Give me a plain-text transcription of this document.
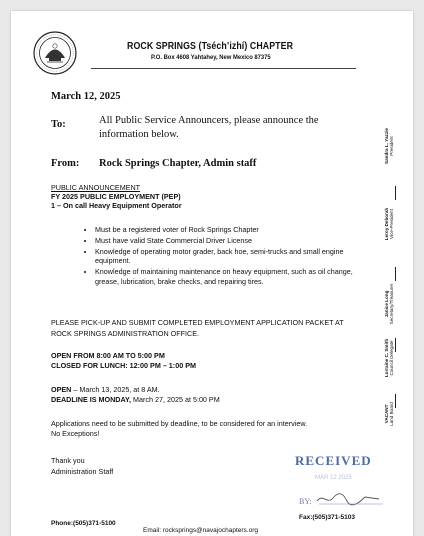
ROCK SPRINGS (Tséch’izhí) CHAPTER
P.O. Box 4608 Yahtahey, New Mexico 87375
March 12, 2025
To:	All Public Service Announcers, please announce the information below.
From: Rock Springs Chapter, Admin staff
PUBLIC ANNOUNCEMENT
FY 2025 PUBLIC EMPLOYMENT (PEP)
1 – On call Heavy Equipment Operator
• Must be a registered voter of Rock Springs Chapter
• Must have valid State Commercial Driver License
• Knowledge of operating motor grader, back hoe, semi-trucks and small engine equipment.
• Knowledge of maintaining maintenance on heavy equipment, such as oil change, grease, lubrication, brake checks, and repairing tires.
PLEASE PICK-UP AND SUBMIT COMPLETED EMPLOYMENT APPLICATION PACKET AT ROCK SPRINGS ADMINISTRATION OFFICE.
OPEN FROM 8:00 AM TO 5:00 PM
CLOSED FOR LUNCH: 12:00 PM – 1:00 PM
OPEN – March 13, 2025, at 8 AM.
DEADLINE IS MONDAY, March 27, 2025 at 5:00 PM
Applications need to be submitted by deadline, to be considered for an interview.
No Exceptions!
Thank you
Administration Staff
Phone:(505)371-5100
Fax:(505)371-5103
Email: rocksprings@navajochapters.org
Sandra L. Yazzie President
Leroy Deborah Vice-President
Janice Long Secretary/Treasurer
Lorraine C. Smith Council Delegate
VACANT Land Board
RECEIVED
MAR 12 2025
BY:
